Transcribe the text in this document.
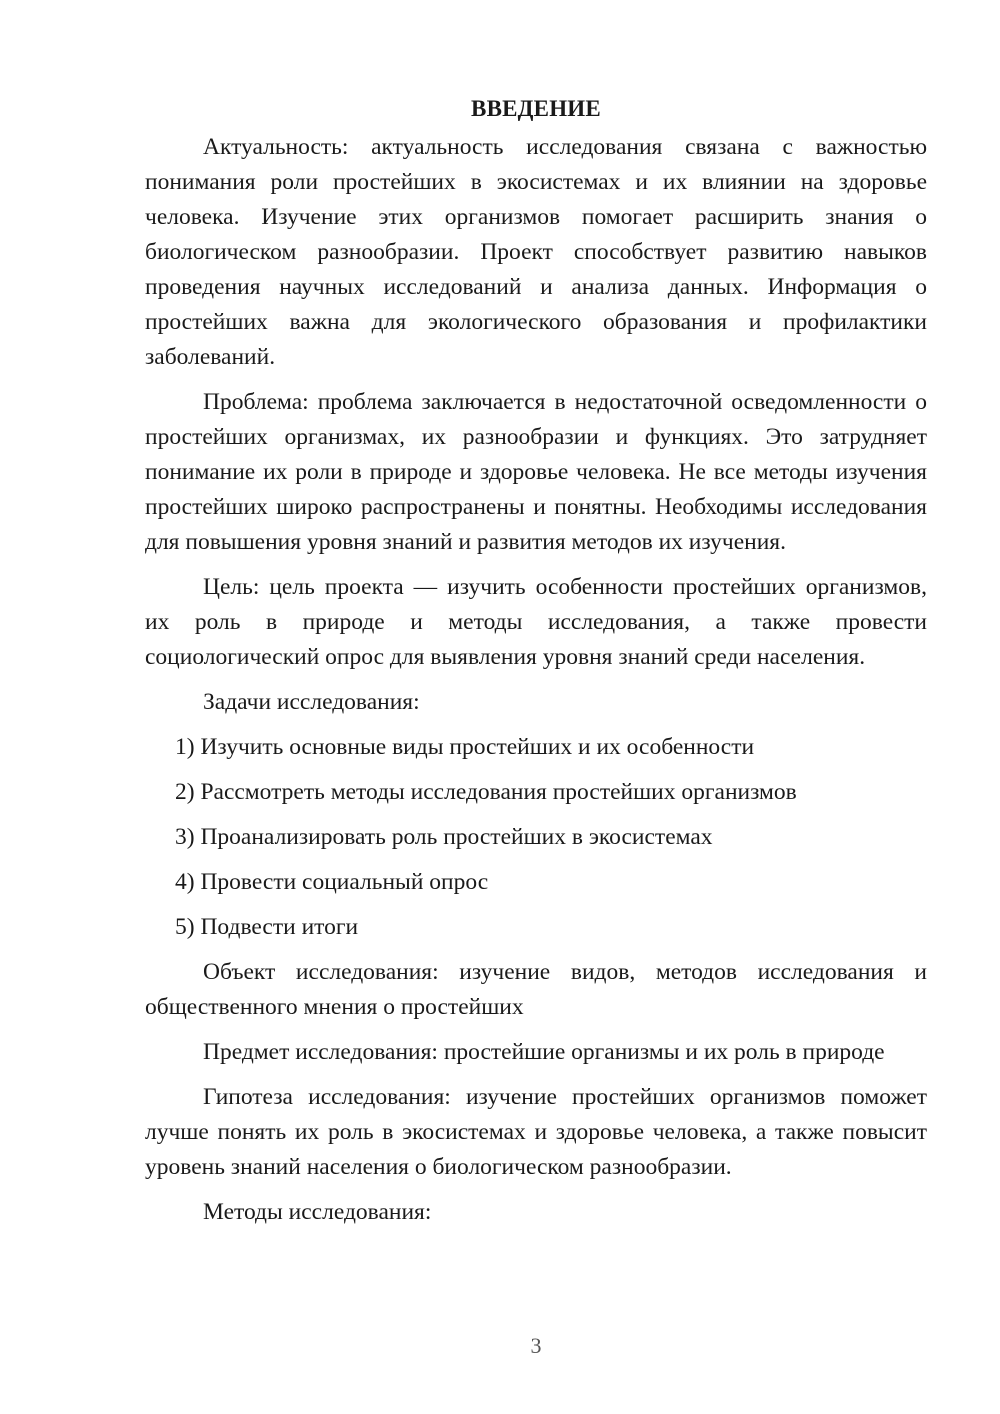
ВВЕДЕНИЕ

Актуальность: актуальность исследования связана с важностью понимания роли простейших в экосистемах и их влиянии на здоровье человека. Изучение этих организмов помогает расширить знания о биологическом разнообразии. Проект способствует развитию навыков проведения научных исследований и анализа данных. Информация о простейших важна для экологического образования и профилактики заболеваний.

Проблема: проблема заключается в недостаточной осведомленности о простейших организмах, их разнообразии и функциях. Это затрудняет понимание их роли в природе и здоровье человека. Не все методы изучения простейших широко распространены и понятны. Необходимы исследования для повышения уровня знаний и развития методов их изучения.

Цель: цель проекта — изучить особенности простейших организмов, их роль в природе и методы исследования, а также провести социологический опрос для выявления уровня знаний среди населения.

Задачи исследования:

1) Изучить основные виды простейших и их особенности
2) Рассмотреть методы исследования простейших организмов
3) Проанализировать роль простейших в экосистемах
4) Провести социальный опрос
5) Подвести итоги

Объект исследования: изучение видов, методов исследования и общественного мнения о простейших

Предмет исследования: простейшие организмы и их роль в природе

Гипотеза исследования: изучение простейших организмов поможет лучше понять их роль в экосистемах и здоровье человека, а также повысит уровень знаний населения о биологическом разнообразии.

Методы исследования:

3
